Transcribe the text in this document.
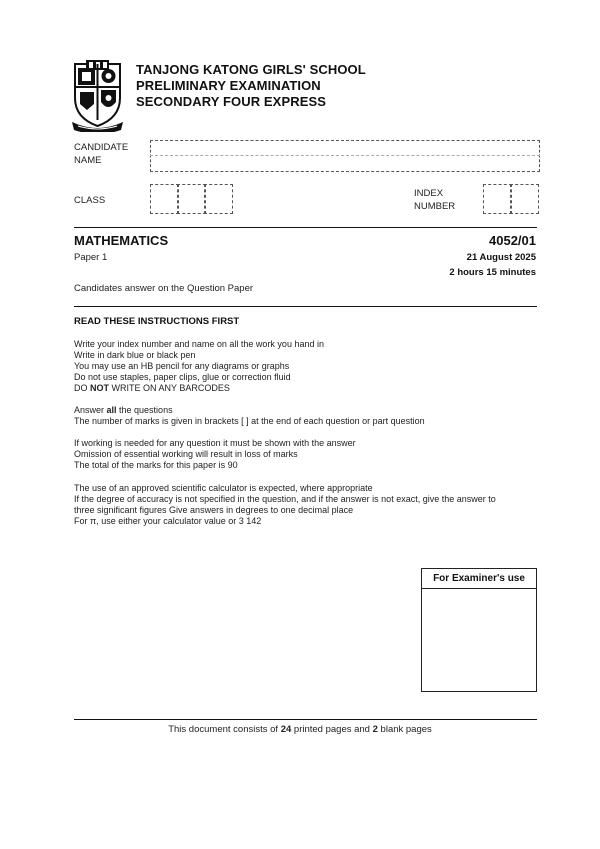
TANJONG KATONG GIRLS' SCHOOL
PRELIMINARY EXAMINATION
SECONDARY FOUR EXPRESS
CANDIDATE
NAME
CLASS
INDEX
NUMBER
MATHEMATICS
Paper 1
4052/01
21 August 2025
2 hours 15 minutes
Candidates answer on the Question Paper
READ THESE INSTRUCTIONS FIRST
Write your index number and name on all the work you hand in
Write in dark blue or black pen
You may use an HB pencil for any diagrams or graphs
Do not use staples, paper clips, glue or correction fluid
DO NOT WRITE ON ANY BARCODES
Answer all the questions
The number of marks is given in brackets [ ] at the end of each question or part question
If working is needed for any question it must be shown with the answer
Omission of essential working will result in loss of marks
The total of the marks for this paper is 90
The use of an approved scientific calculator is expected, where appropriate
If the degree of accuracy is not specified in the question, and if the answer is not exact, give the answer to
three significant figures Give answers in degrees to one decimal place
For π, use either your calculator value or 3 142
For Examiner's use
This document consists of 24 printed pages and 2 blank pages
